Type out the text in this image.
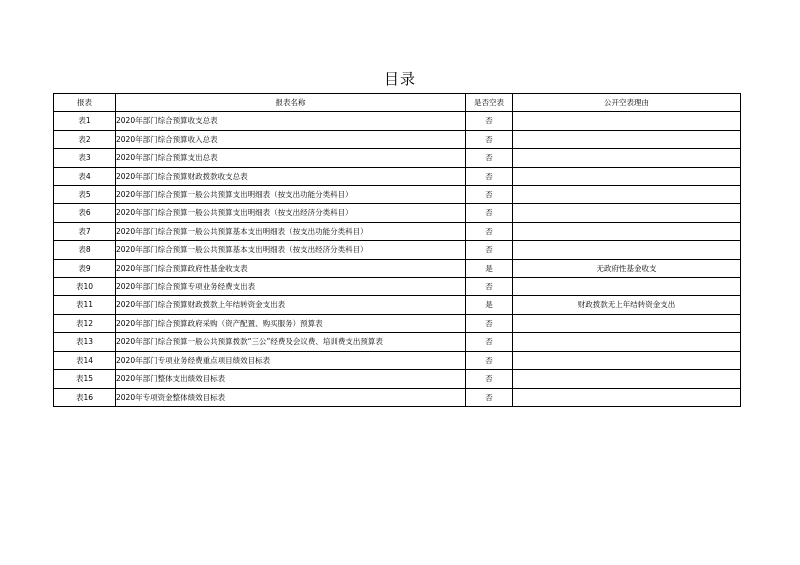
目录
报表	报表名称	是否空表	公开空表理由
表1	2020年部门综合预算收支总表	否	
表2	2020年部门综合预算收入总表	否	
表3	2020年部门综合预算支出总表	否	
表4	2020年部门综合预算财政拨款收支总表	否	
表5	2020年部门综合预算一般公共预算支出明细表（按支出功能分类科目）	否	
表6	2020年部门综合预算一般公共预算支出明细表（按支出经济分类科目）	否	
表7	2020年部门综合预算一般公共预算基本支出明细表（按支出功能分类科目）	否	
表8	2020年部门综合预算一般公共预算基本支出明细表（按支出经济分类科目）	否	
表9	2020年部门综合预算政府性基金收支表	是	无政府性基金收支
表10	2020年部门综合预算专项业务经费支出表	否	
表11	2020年部门综合预算财政拨款上年结转资金支出表	是	财政拨款无上年结转资金支出
表12	2020年部门综合预算政府采购（资产配置、购买服务）预算表	否	
表13	2020年部门综合预算一般公共预算拨款“三公”经费及会议费、培训费支出预算表	否	
表14	2020年部门专项业务经费重点项目绩效目标表	否	
表15	2020年部门整体支出绩效目标表	否	
表16	2020年专项资金整体绩效目标表	否	
